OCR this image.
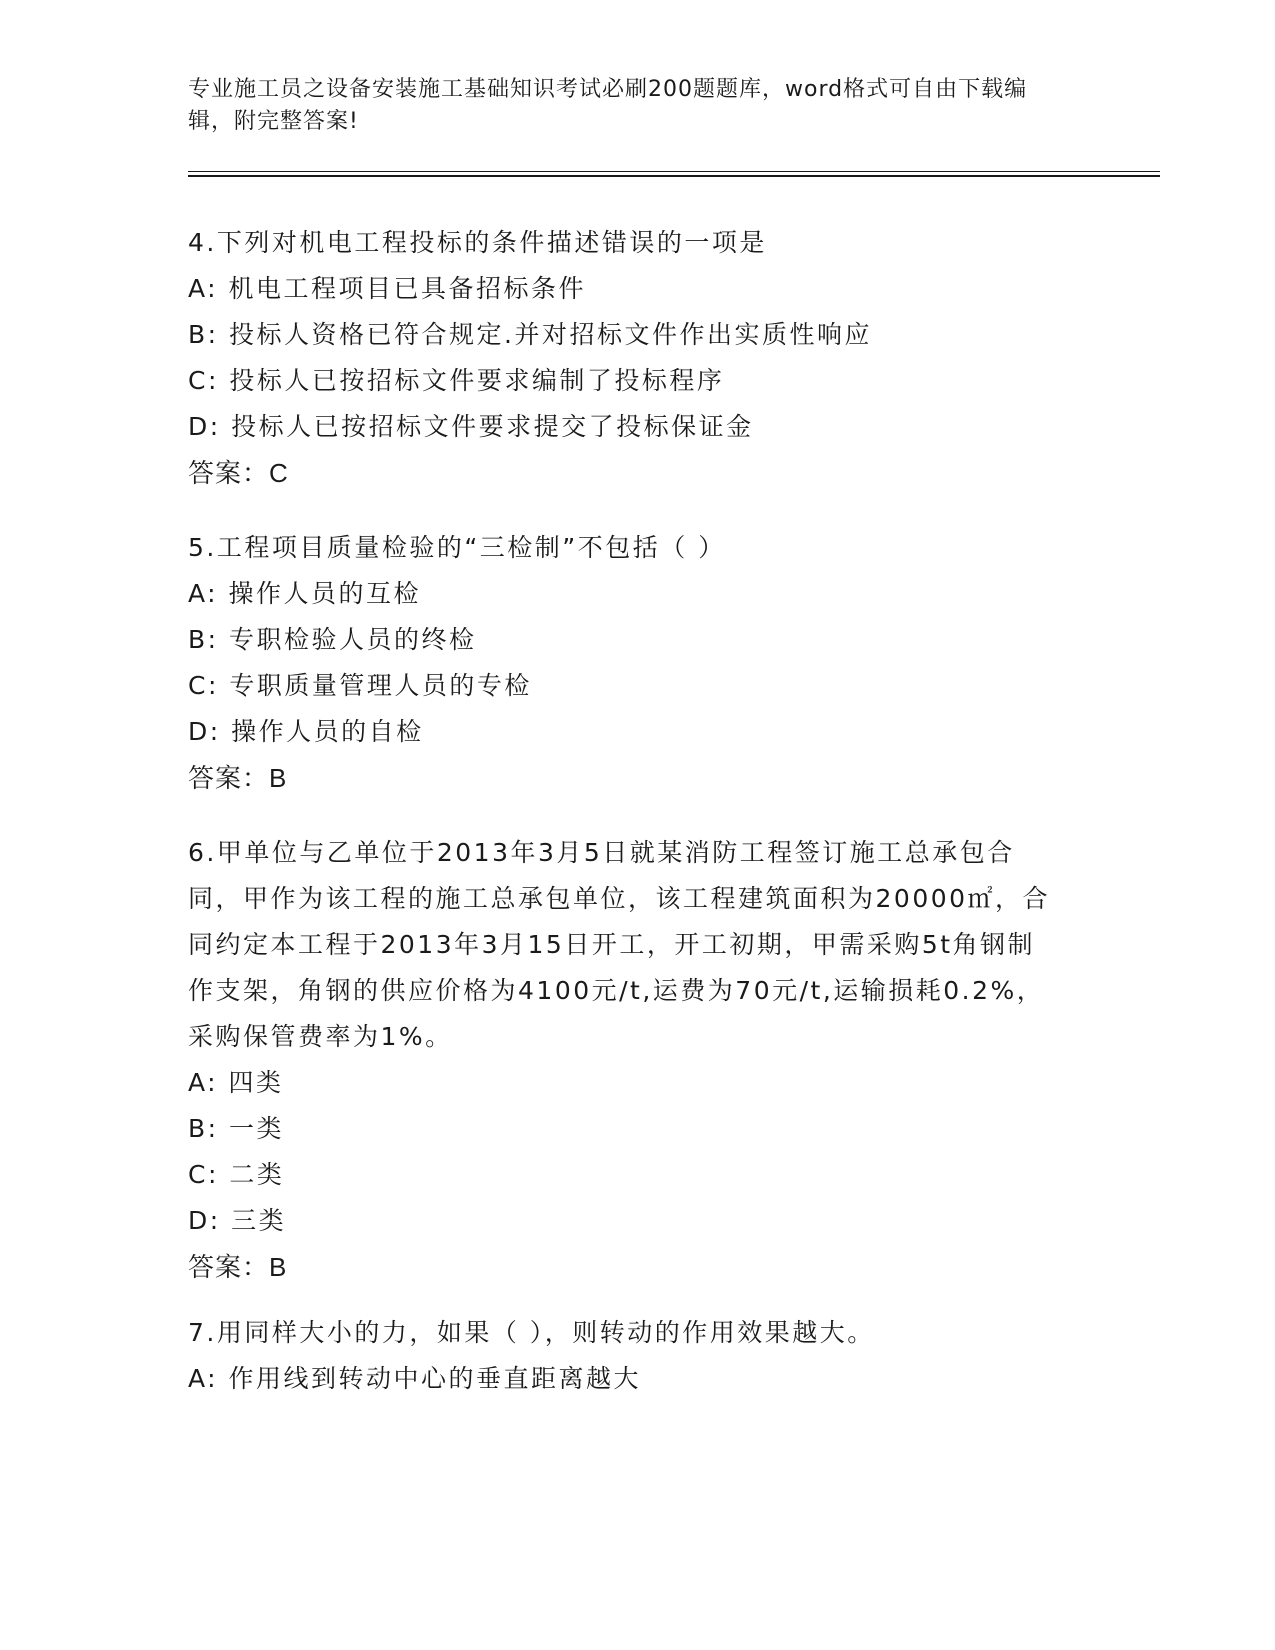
专业施工员之设备安装施工基础知识考试必刷200题题库，word格式可自由下载编辑，附完整答案!
4.下列对机电工程投标的条件描述错误的一项是
A: 机电工程项目已具备招标条件
B: 投标人资格已符合规定.并对招标文件作出实质性响应
C: 投标人已按招标文件要求编制了投标程序
D: 投标人已按招标文件要求提交了投标保证金
答案：C
5.工程项目质量检验的“三检制”不包括（ ）
A: 操作人员的互检
B: 专职检验人员的终检
C: 专职质量管理人员的专检
D: 操作人员的自检
答案：B
6.甲单位与乙单位于2013年3月5日就某消防工程签订施工总承包合同，甲作为该工程的施工总承包单位，该工程建筑面积为20000㎡，合同约定本工程于2013年3月15日开工，开工初期，甲需采购5t角钢制作支架，角钢的供应价格为4100元/t,运费为70元/t,运输损耗0.2%，采购保管费率为1%。
A: 四类
B: 一类
C: 二类
D: 三类
答案：B
7.用同样大小的力，如果（ ），则转动的作用效果越大。
A: 作用线到转动中心的垂直距离越大
